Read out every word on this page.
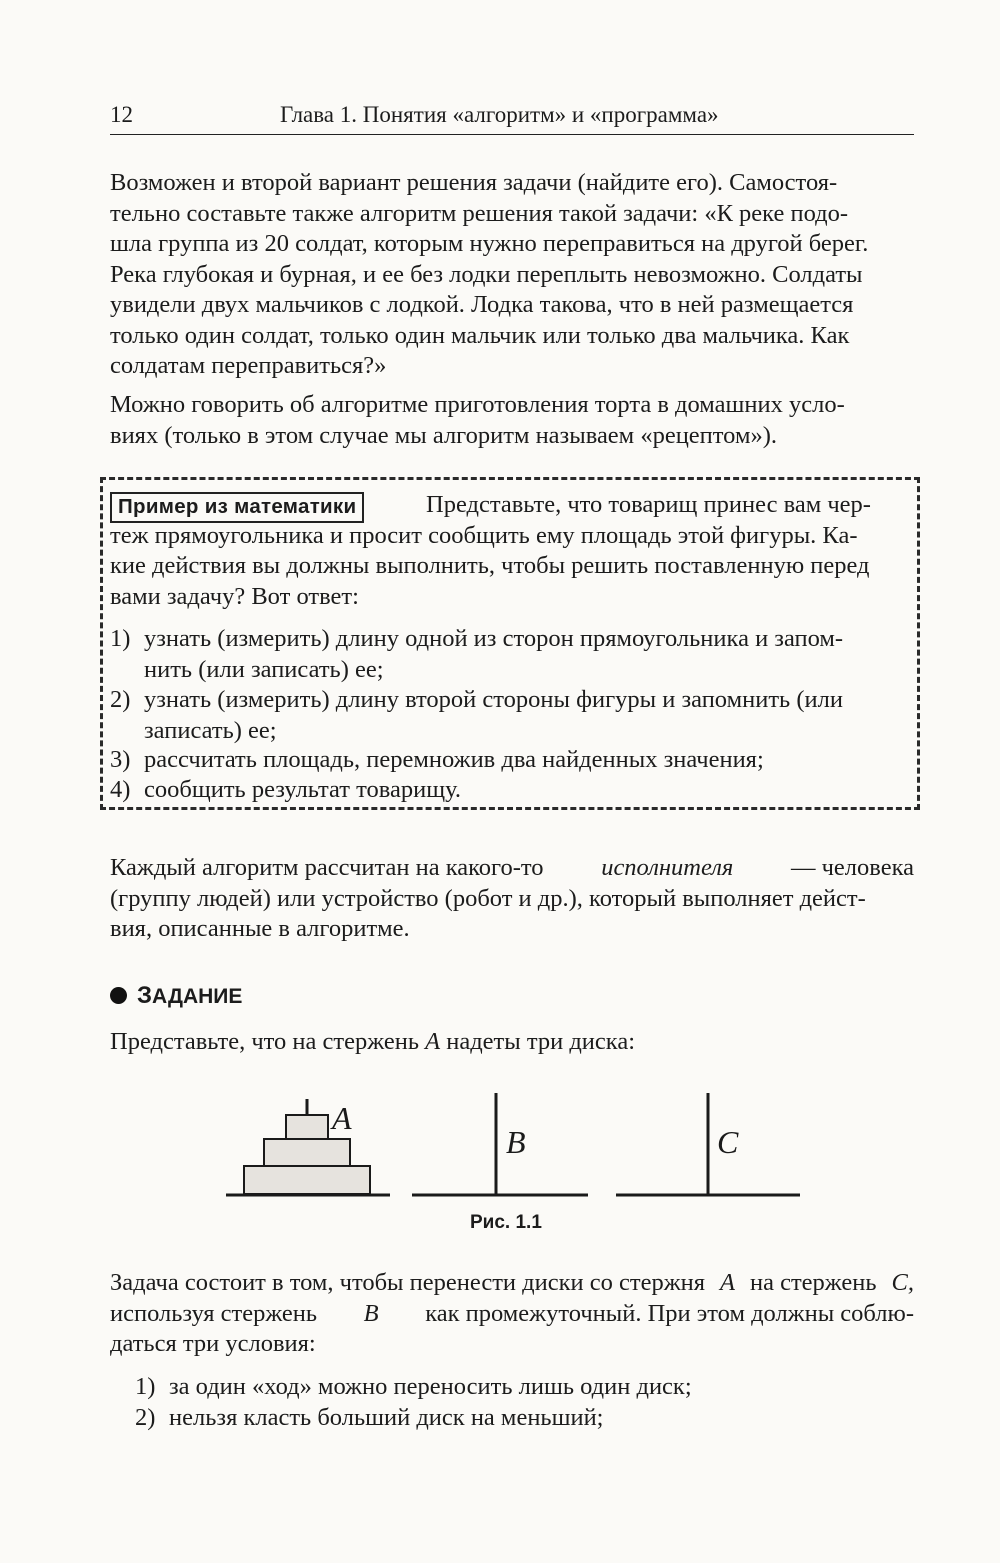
12	Глава 1. Понятия «алгоритм» и «программа»
Возможен и второй вариант решения задачи (найдите его). Самостоя-
тельно составьте также алгоритм решения такой задачи: «К реке подо-
шла группа из 20 солдат, которым нужно переправиться на другой берег.
Река глубокая и бурная, и ее без лодки переплыть невозможно. Солдаты
увидели двух мальчиков с лодкой. Лодка такова, что в ней размещается
только один солдат, только один мальчик или только два мальчика. Как
солдатам переправиться?»
Можно говорить об алгоритме приготовления торта в домашних усло-
виях (только в этом случае мы алгоритм называем «рецептом»).
Пример из математики	Представьте, что товарищ принес вам чер-
теж прямоугольника и просит сообщить ему площадь этой фигуры. Ка-
кие действия вы должны выполнить, чтобы решить поставленную перед
вами задачу? Вот ответ:
1) узнать (измерить) длину одной из сторон прямоугольника и запом-
нить (или записать) ее;
2) узнать (измерить) длину второй стороны фигуры и запомнить (или
записать) ее;
3) рассчитать площадь, перемножив два найденных значения;
4) сообщить результат товарищу.
Каждый алгоритм рассчитан на какого-то исполнителя — человека
(группу людей) или устройство (робот и др.), который выполняет дейст-
вия, описанные в алгоритме.
ЗАДАНИЕ
Представьте, что на стержень A надеты три диска:
A
B	C
Рис. 1.1
Задача состоит в том, чтобы перенести диски со стержня A на стержень C,
используя стержень B как промежуточный. При этом должны соблю-
даться три условия:
1) за один «ход» можно переносить лишь один диск;
2) нельзя класть больший диск на меньший;
